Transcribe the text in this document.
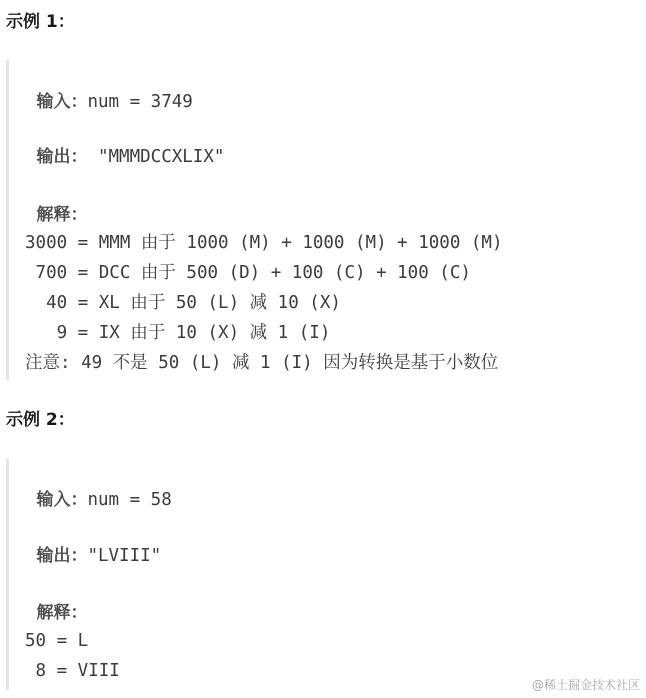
示例 1：

输入：num = 3749

输出： "MMMDCCXLIX"

解释：

3000 = MMM 由于 1000 (M) + 1000 (M) + 1000 (M)
700 = DCC 由于 500 (D) + 100 (C) + 100 (C)
40 = XL 由于 50 (L) 减 10 (X)
9 = IX 由于 10 (X) 减 1 (I)
注意: 49 不是 50 (L) 减 1 (I) 因为转换是基于小数位
示例 2：

输入：num = 58

输出："LVIII"

解释：

50 = L
8 = VIII
@稀土掘金技术社区
